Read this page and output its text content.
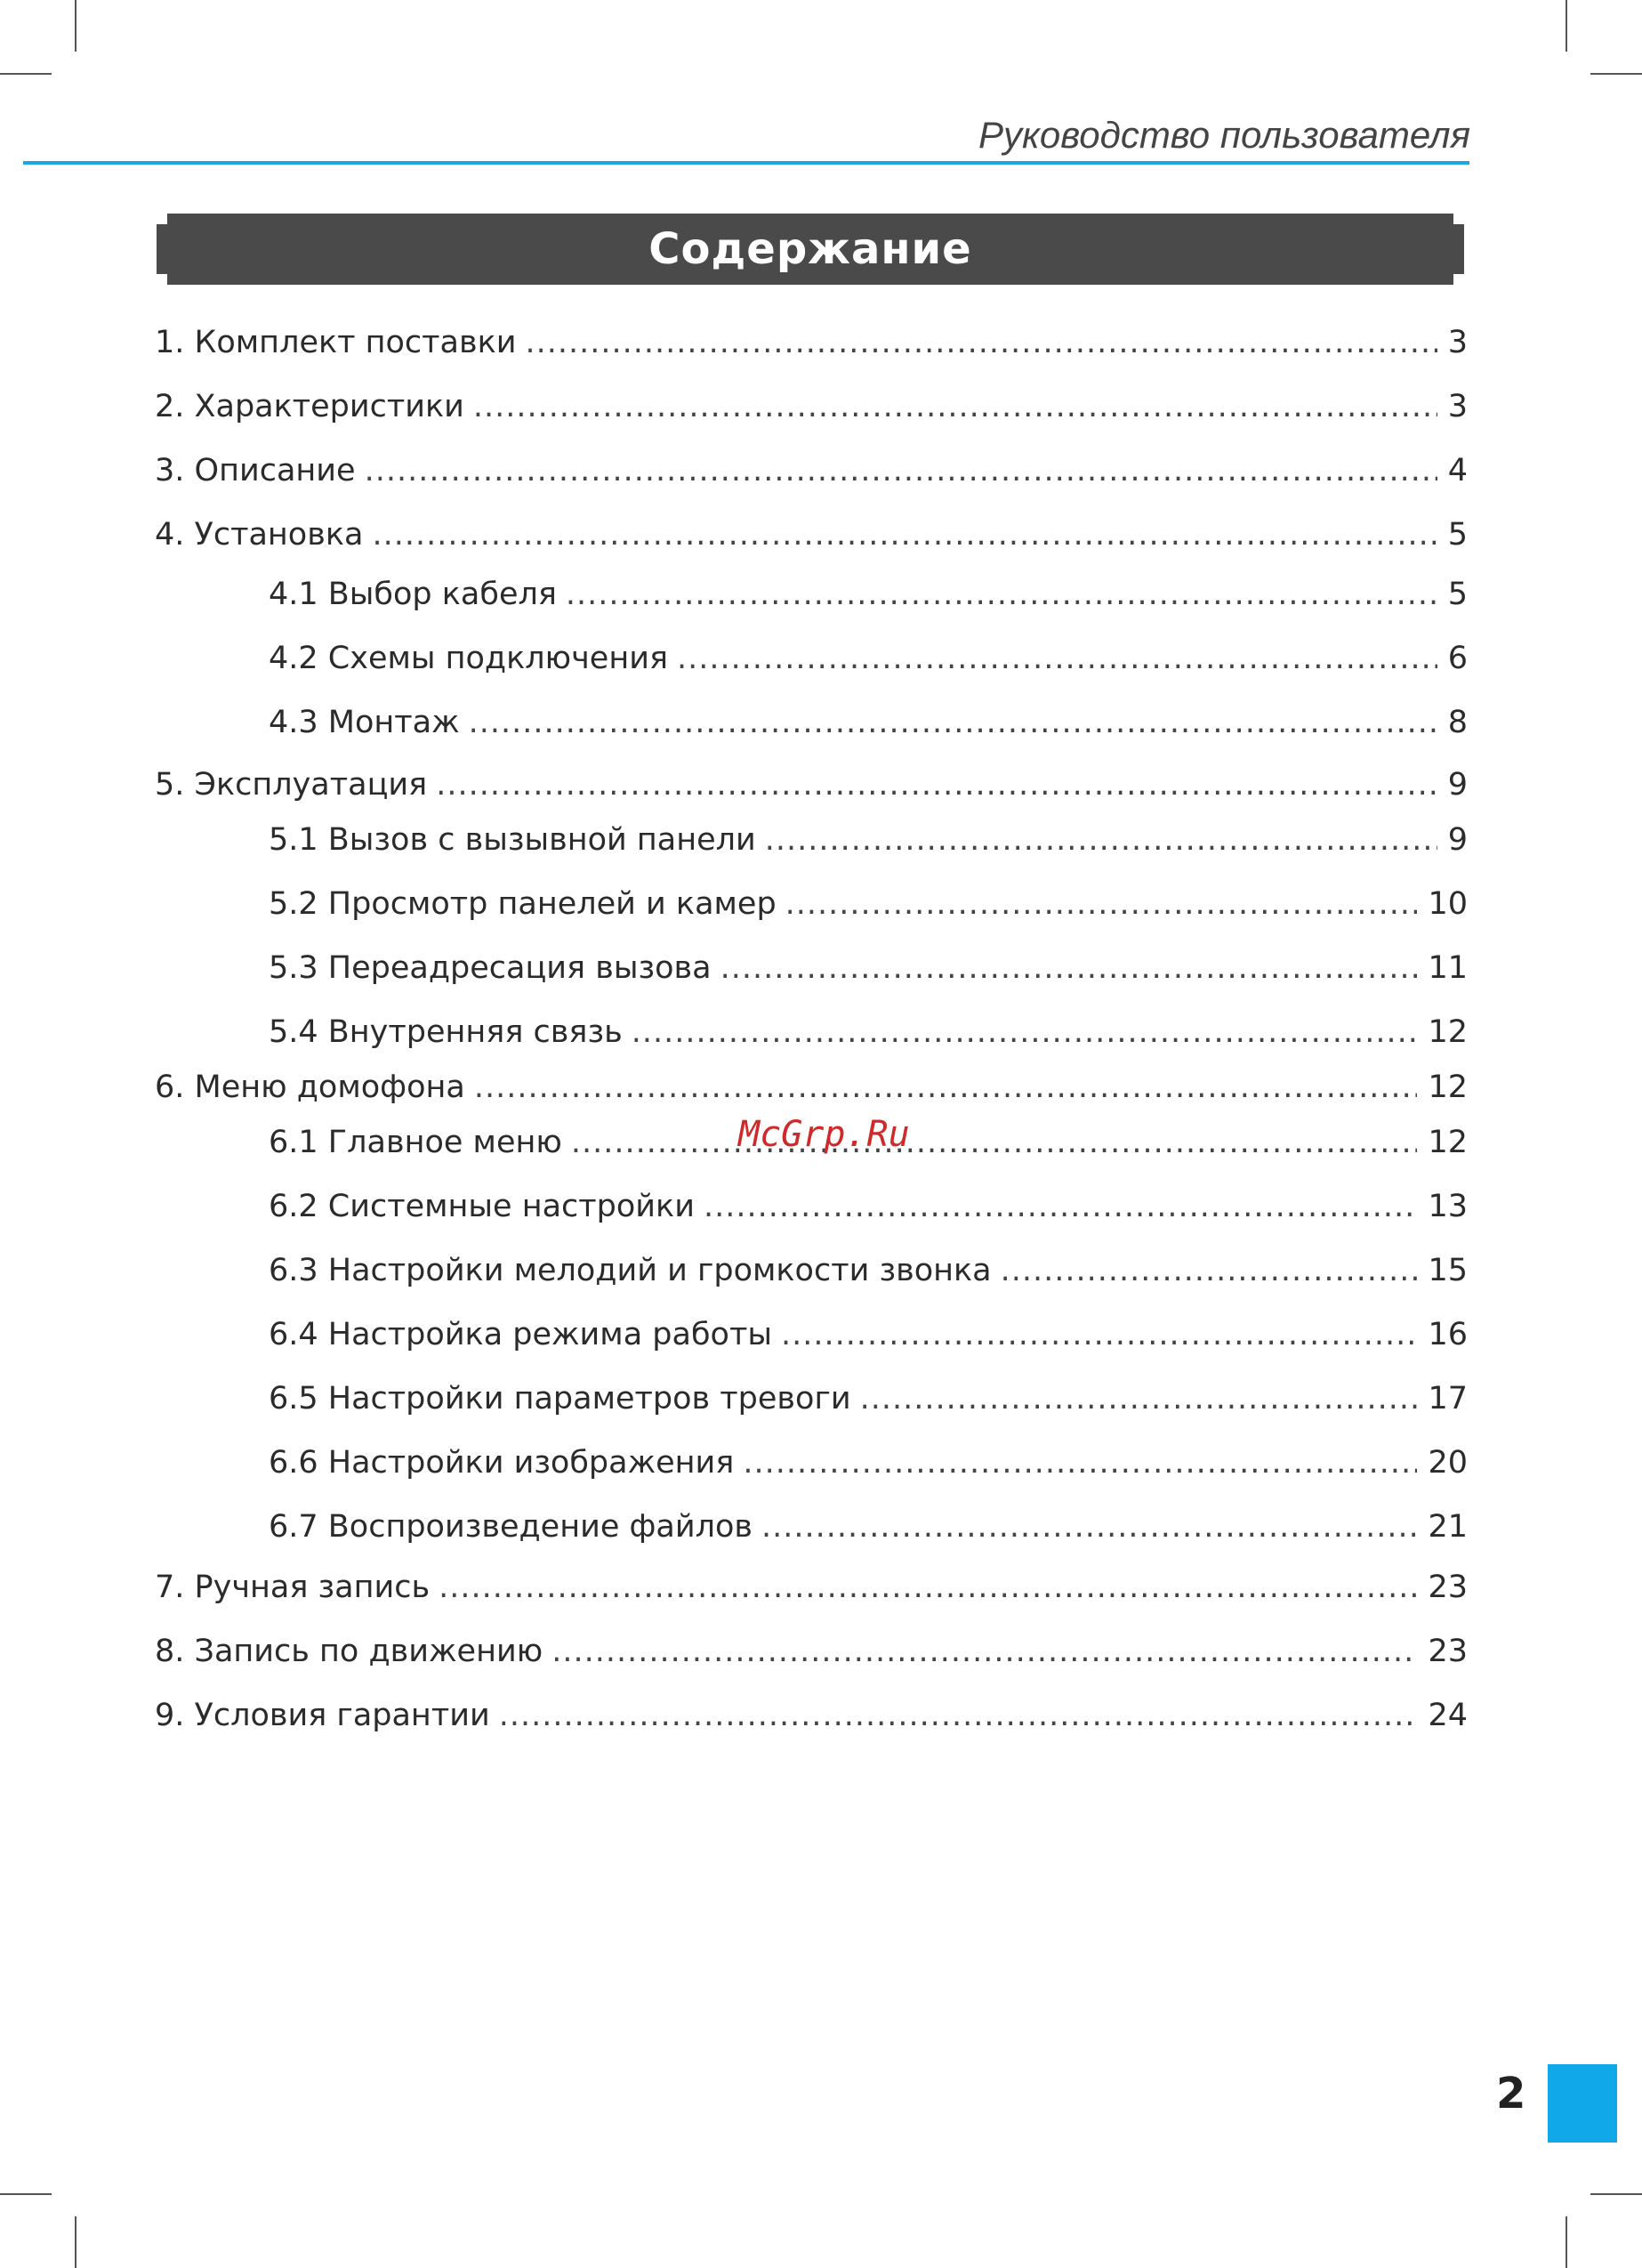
Руководство пользователя
Содержание
1. Комплект поставки .....	3
2. Характеристики .....	3
3. Описание .....	4
4. Установка .....	5
4.1 Выбор кабеля .....	5
4.2 Схемы подключения .....	6
4.3 Монтаж .....	8
5. Эксплуатация .....	9
5.1 Вызов с вызывной панели .....	9
5.2 Просмотр панелей и камер .....	10
5.3 Переадресация вызова .....	11
5.4 Внутренняя связь .....	12
6. Меню домофона .....	12
6.1 Главное меню .....	12
6.2 Системные настройки .....	13
6.3 Настройки мелодий и громкости звонка .....	15
6.4 Настройка режима работы .....	16
6.5 Настройки параметров тревоги .....	17
6.6 Настройки изображения .....	20
6.7 Воспроизведение файлов .....	21
7. Ручная запись .....	23
8. Запись по движению .....	23
9. Условия гарантии .....	24
McGrp.Ru
2
